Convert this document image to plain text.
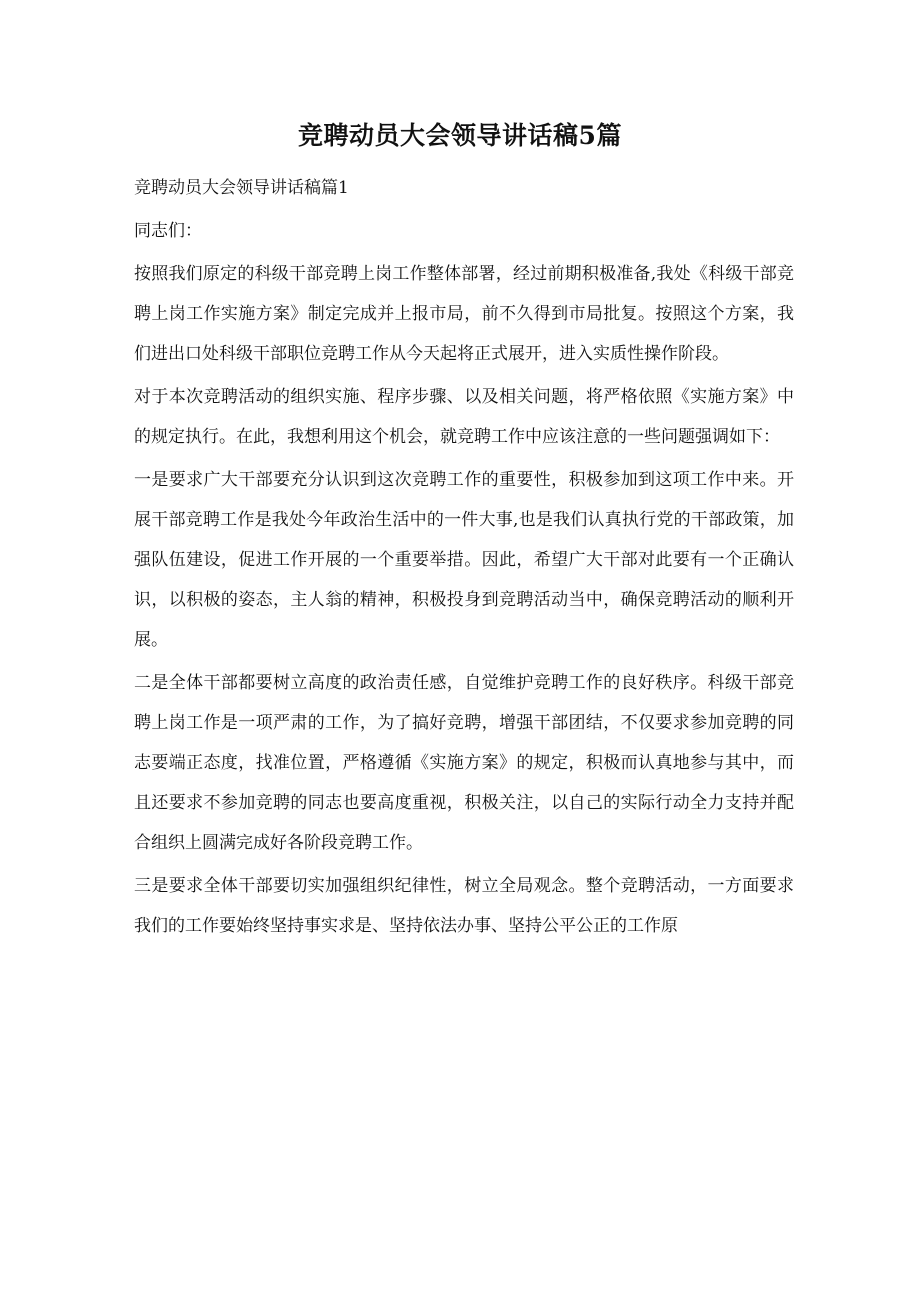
竞聘动员大会领导讲话稿5篇

竞聘动员大会领导讲话稿篇1

同志们：

按照我们原定的科级干部竞聘上岗工作整体部署，经过前期积极准备,我处《科级干部竞聘上岗工作实施方案》制定完成并上报市局，前不久得到市局批复。按照这个方案，我们进出口处科级干部职位竞聘工作从今天起将正式展开，进入实质性操作阶段。

对于本次竞聘活动的组织实施、程序步骤、以及相关问题，将严格依照《实施方案》中的规定执行。在此，我想利用这个机会，就竞聘工作中应该注意的一些问题强调如下：

一是要求广大干部要充分认识到这次竞聘工作的重要性，积极参加到这项工作中来。开展干部竞聘工作是我处今年政治生活中的一件大事,也是我们认真执行党的干部政策，加强队伍建设，促进工作开展的一个重要举措。因此，希望广大干部对此要有一个正确认识，以积极的姿态，主人翁的精神，积极投身到竞聘活动当中，确保竞聘活动的顺利开展。

二是全体干部都要树立高度的政治责任感，自觉维护竞聘工作的良好秩序。科级干部竞聘上岗工作是一项严肃的工作，为了搞好竞聘，增强干部团结，不仅要求参加竞聘的同志要端正态度，找准位置，严格遵循《实施方案》的规定，积极而认真地参与其中，而且还要求不参加竞聘的同志也要高度重视，积极关注，以自己的实际行动全力支持并配合组织上圆满完成好各阶段竞聘工作。

三是要求全体干部要切实加强组织纪律性，树立全局观念。整个竞聘活动，一方面要求我们的工作要始终坚持事实求是、坚持依法办事、坚持公平公正的工作原
